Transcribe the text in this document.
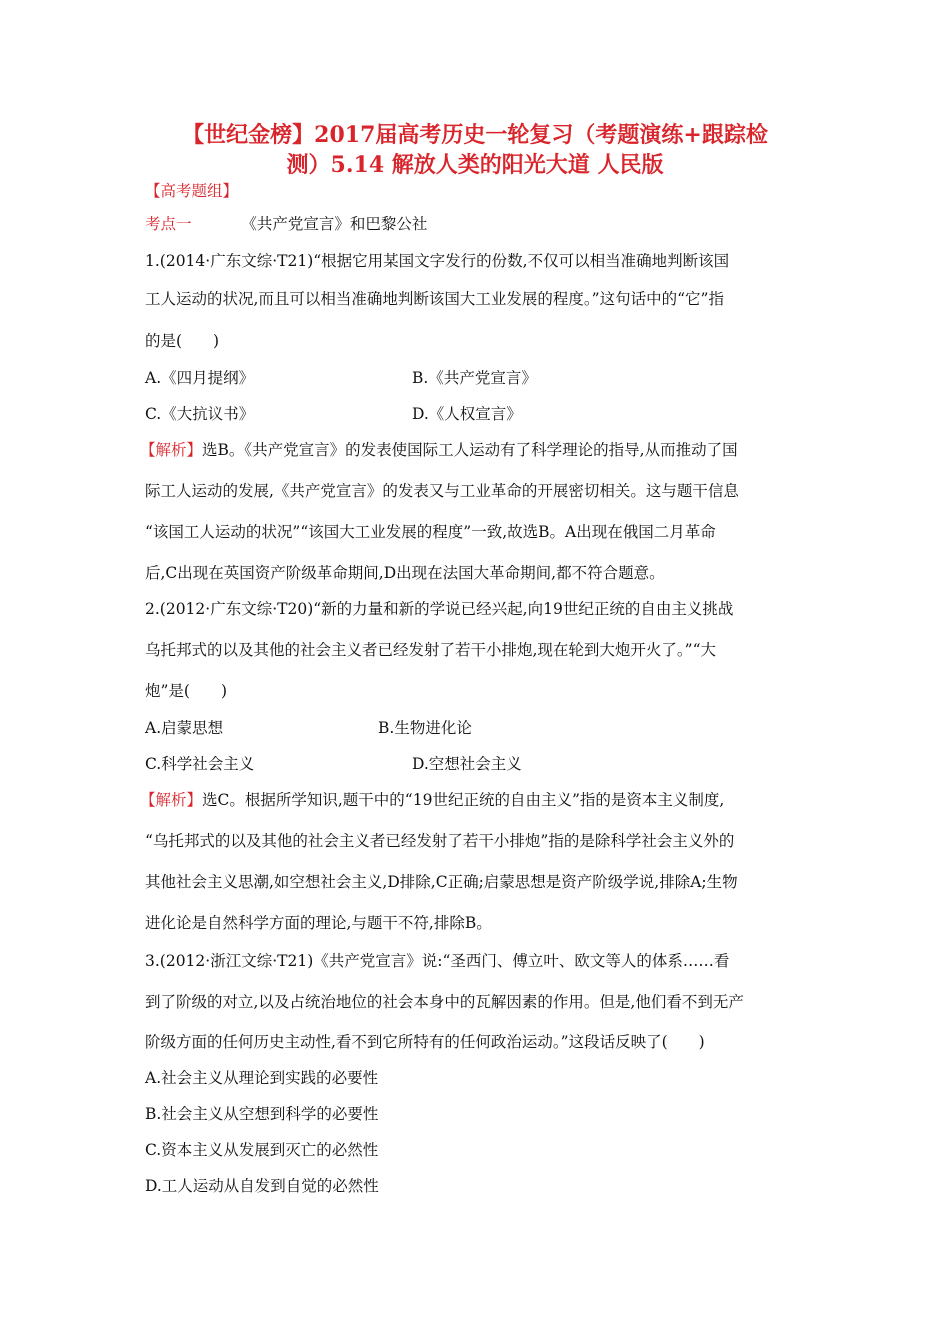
【世纪金榜】2017届高考历史一轮复习（考题演练+跟踪检
测）5.14 解放人类的阳光大道 人民版
【高考题组】
考点一	《共产党宣言》和巴黎公社
1.(2014·广东文综·T21)“根据它用某国文字发行的份数,不仅可以相当准确地判断该国
工人运动的状况,而且可以相当准确地判断该国大工业发展的程度。”这句话中的“它”指
的是(　　)
A.《四月提纲》	B.《共产党宣言》
C.《大抗议书》	D.《人权宣言》
【解析】选B。《共产党宣言》的发表使国际工人运动有了科学理论的指导,从而推动了国
际工人运动的发展,《共产党宣言》的发表又与工业革命的开展密切相关。这与题干信息
“该国工人运动的状况”“该国大工业发展的程度”一致,故选B。A出现在俄国二月革命
后,C出现在英国资产阶级革命期间,D出现在法国大革命期间,都不符合题意。
2.(2012·广东文综·T20)“新的力量和新的学说已经兴起,向19世纪正统的自由主义挑战
乌托邦式的以及其他的社会主义者已经发射了若干小排炮,现在轮到大炮开火了。”“大
炮”是(　　)
A.启蒙思想	B.生物进化论
C.科学社会主义	D.空想社会主义
【解析】选C。根据所学知识,题干中的“19世纪正统的自由主义”指的是资本主义制度,
“乌托邦式的以及其他的社会主义者已经发射了若干小排炮”指的是除科学社会主义外的
其他社会主义思潮,如空想社会主义,D排除,C正确;启蒙思想是资产阶级学说,排除A;生物
进化论是自然科学方面的理论,与题干不符,排除B。
3.(2012·浙江文综·T21)《共产党宣言》说:“圣西门、傅立叶、欧文等人的体系……看
到了阶级的对立,以及占统治地位的社会本身中的瓦解因素的作用。但是,他们看不到无产
阶级方面的任何历史主动性,看不到它所特有的任何政治运动。”这段话反映了(　　)
A.社会主义从理论到实践的必要性
B.社会主义从空想到科学的必要性
C.资本主义从发展到灭亡的必然性
D.工人运动从自发到自觉的必然性
